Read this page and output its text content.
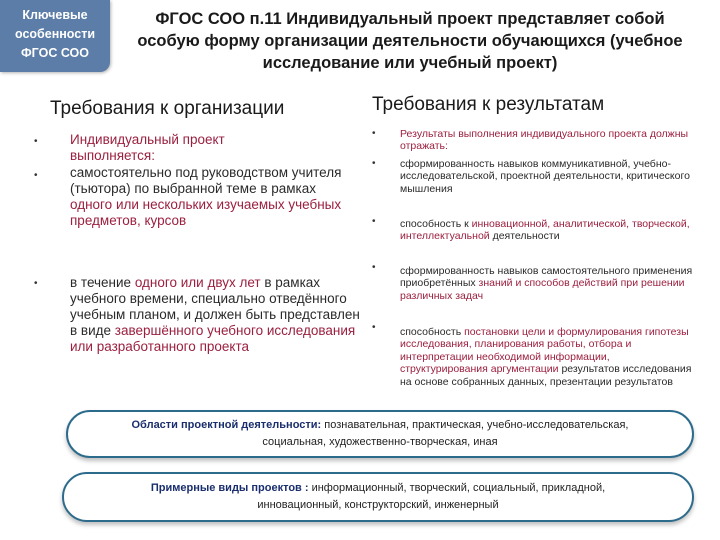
Ключевые
особенности
ФГОС СОО
ФГОС СОО п.11 Индивидуальный проект представляет собой
особую форму организации деятельности обучающихся (учебное
исследование или учебный проект)
Требования к организации
• Индивидуальный проект
выполняется:
• самостоятельно под руководством учителя (тьютора) по выбранной теме в рамках одного или нескольких изучаемых учебных предметов, курсов
• в течение одного или двух лет в рамках учебного времени, специально отведённого учебным планом, и должен быть представлен в виде завершённого учебного исследования или разработанного проекта
Требования к результатам
• Результаты выполнения индивидуального проекта должны отражать:
• сформированность навыков коммуникативной, учебно-исследовательской, проектной деятельности, критического мышления
• способность к инновационной, аналитической, творческой, интеллектуальной деятельности
• сформированность навыков самостоятельного применения приобретённых знаний и способов действий при решении различных задач
• способность постановки цели и формулирования гипотезы исследования, планирования работы, отбора и интерпретации необходимой информации, структурирования аргументации результатов исследования на основе собранных данных, презентации результатов
Области проектной деятельности: познавательная, практическая, учебно-исследовательская,
социальная, художественно-творческая, иная
Примерные виды проектов : информационный, творческий, социальный, прикладной,
инновационный, конструкторский, инженерный
